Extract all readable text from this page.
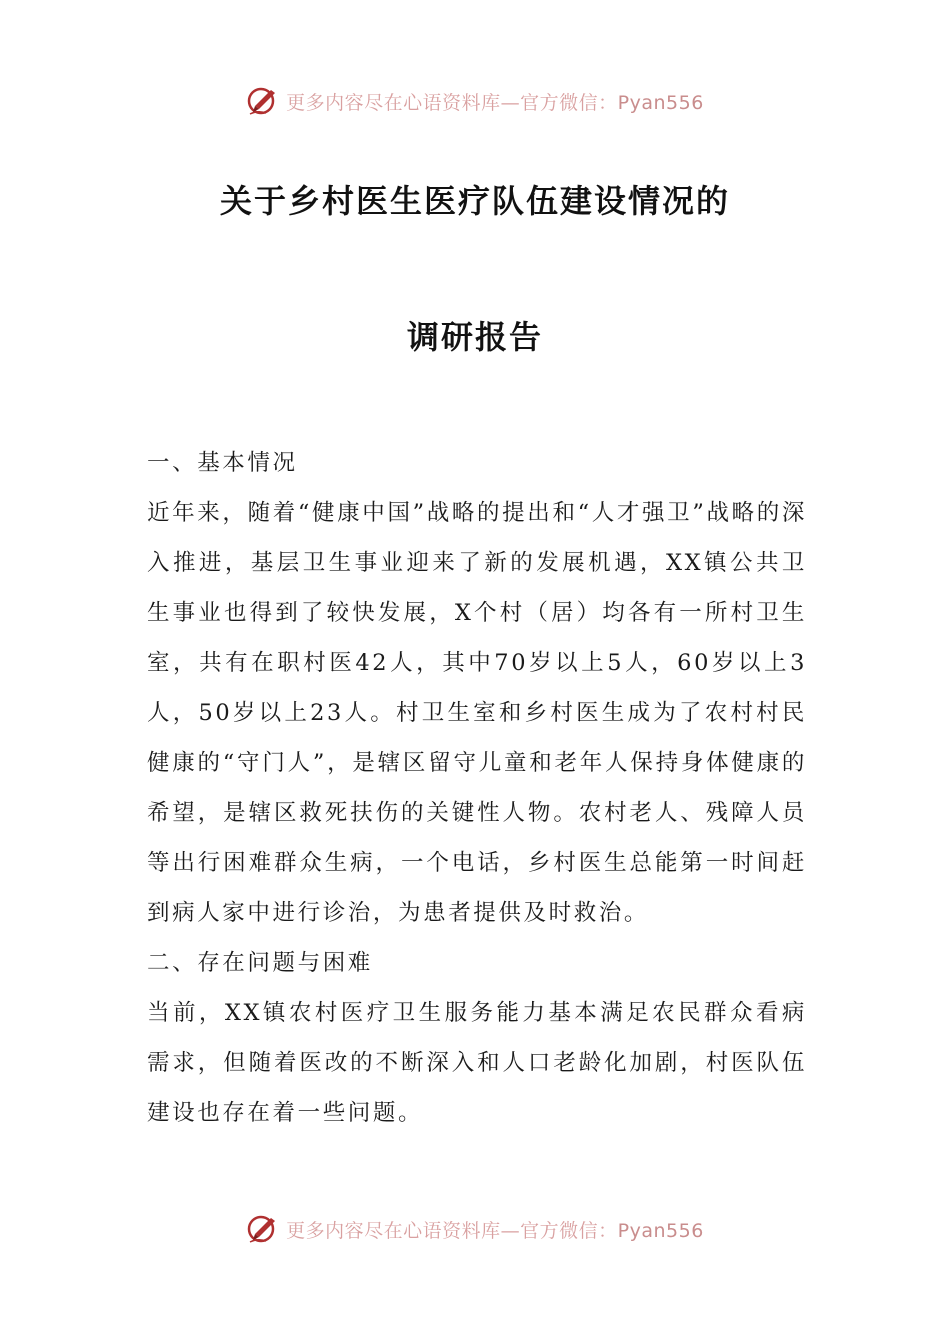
更多内容尽在心语资料库—官方微信：Pyan556
关于乡村医生医疗队伍建设情况的
调研报告

一、基本情况

近年来，随着“健康中国”战略的提出和“人才强卫”战略的深入推进，基层卫生事业迎来了新的发展机遇，XX镇公共卫生事业也得到了较快发展，X个村（居）均各有一所村卫生室，共有在职村医42人，其中70岁以上5人，60岁以上3人，50岁以上23人。村卫生室和乡村医生成为了农村村民健康的“守门人”，是辖区留守儿童和老年人保持身体健康的希望，是辖区救死扶伤的关键性人物。农村老人、残障人员等出行困难群众生病，一个电话，乡村医生总能第一时间赶到病人家中进行诊治，为患者提供及时救治。

二、存在问题与困难

当前，XX镇农村医疗卫生服务能力基本满足农民群众看病需求，但随着医改的不断深入和人口老龄化加剧，村医队伍建设也存在着一些问题。

更多内容尽在心语资料库—官方微信：Pyan556
